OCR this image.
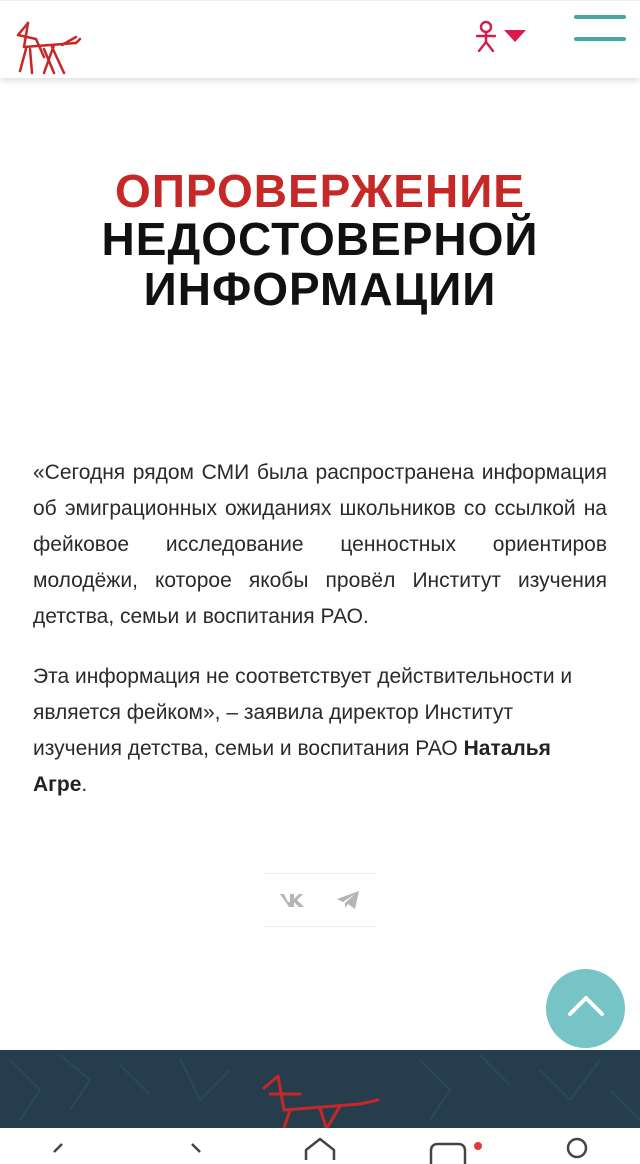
ОПРОВЕРЖЕНИЕ
НЕДОСТОВЕРНОЙ
ИНФОРМАЦИИ

«Сегодня рядом СМИ была распространена информация об эмиграционных ожиданиях школьников со ссылкой на фейковое исследование ценностных ориентиров молодёжи, которое якобы провёл Институт изучения детства, семьи и воспитания РАО.

Эта информация не соответствует действительности и является фейком», – заявила директор Институт изучения детства, семьи и воспитания РАО Наталья Агре.
